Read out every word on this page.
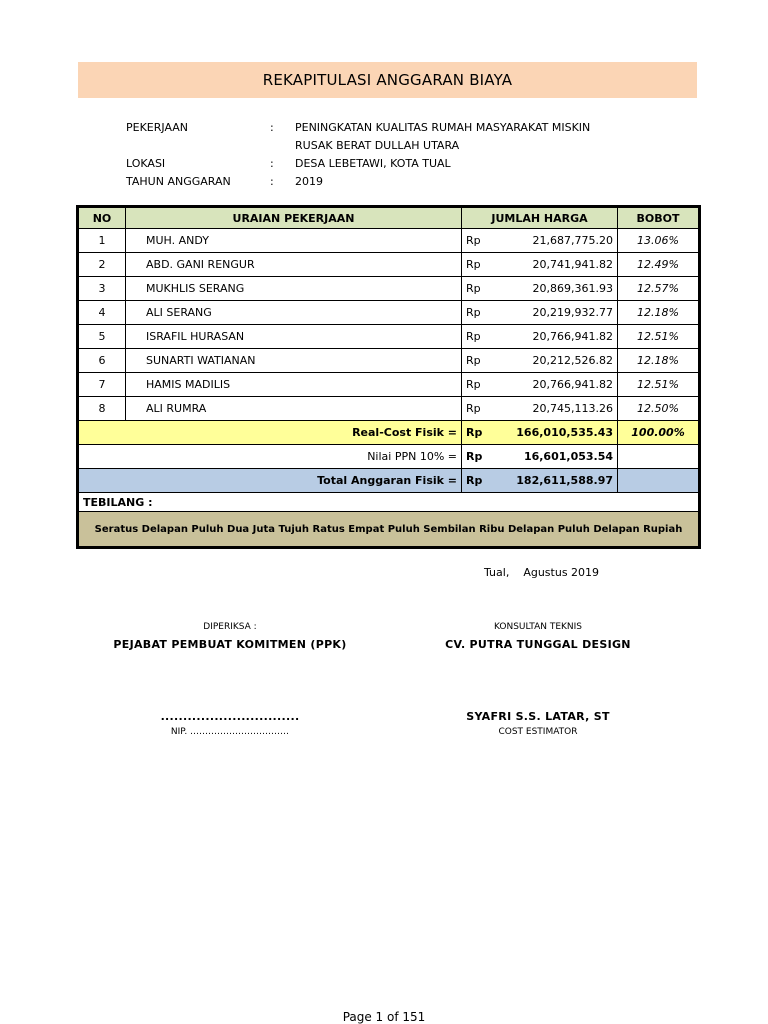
REKAPITULASI ANGGARAN BIAYA
PEKERJAAN	:	PENINGKATAN KUALITAS RUMAH MASYARAKAT MISKIN
RUSAK BERAT DULLAH UTARA
LOKASI	:	DESA LEBETAWI, KOTA TUAL
TAHUN ANGGARAN	:	2019
NO	URAIAN PEKERJAAN	JUMLAH HARGA		BOBOT
1	MUH. ANDY	Rp	21,687,775.20	13.06%
2	ABD. GANI RENGUR	Rp	20,741,941.82	12.49%
3	MUKHLIS SERANG	Rp	20,869,361.93	12.57%
4	ALI SERANG	Rp	20,219,932.77	12.18%
5	ISRAFIL HURASAN	Rp	20,766,941.82	12.51%
6	SUNARTI WATIANAN	Rp	20,212,526.82	12.18%
7	HAMIS MADILIS	Rp	20,766,941.82	12.51%
8	ALI RUMRA	Rp	20,745,113.26	12.50%
Real-Cost Fisik =		Rp	166,010,535.43	100.00%
Nilai PPN 10% =		Rp	16,601,053.54	
Total Anggaran Fisik =		Rp	182,611,588.97	
TEBILANG :				
Seratus Delapan Puluh Dua Juta Tujuh Ratus Empat Puluh Sembilan Ribu Delapan Puluh Delapan Rupiah				
Tual, Agustus 2019
DIPERIKSA :
PEJABAT PEMBUAT KOMITMEN (PPK)
...............................
NIP. ……………………………
KONSULTAN TEKNIS
CV. PUTRA TUNGGAL DESIGN
SYAFRI S.S. LATAR, ST
COST ESTIMATOR
Page 1 of 151
